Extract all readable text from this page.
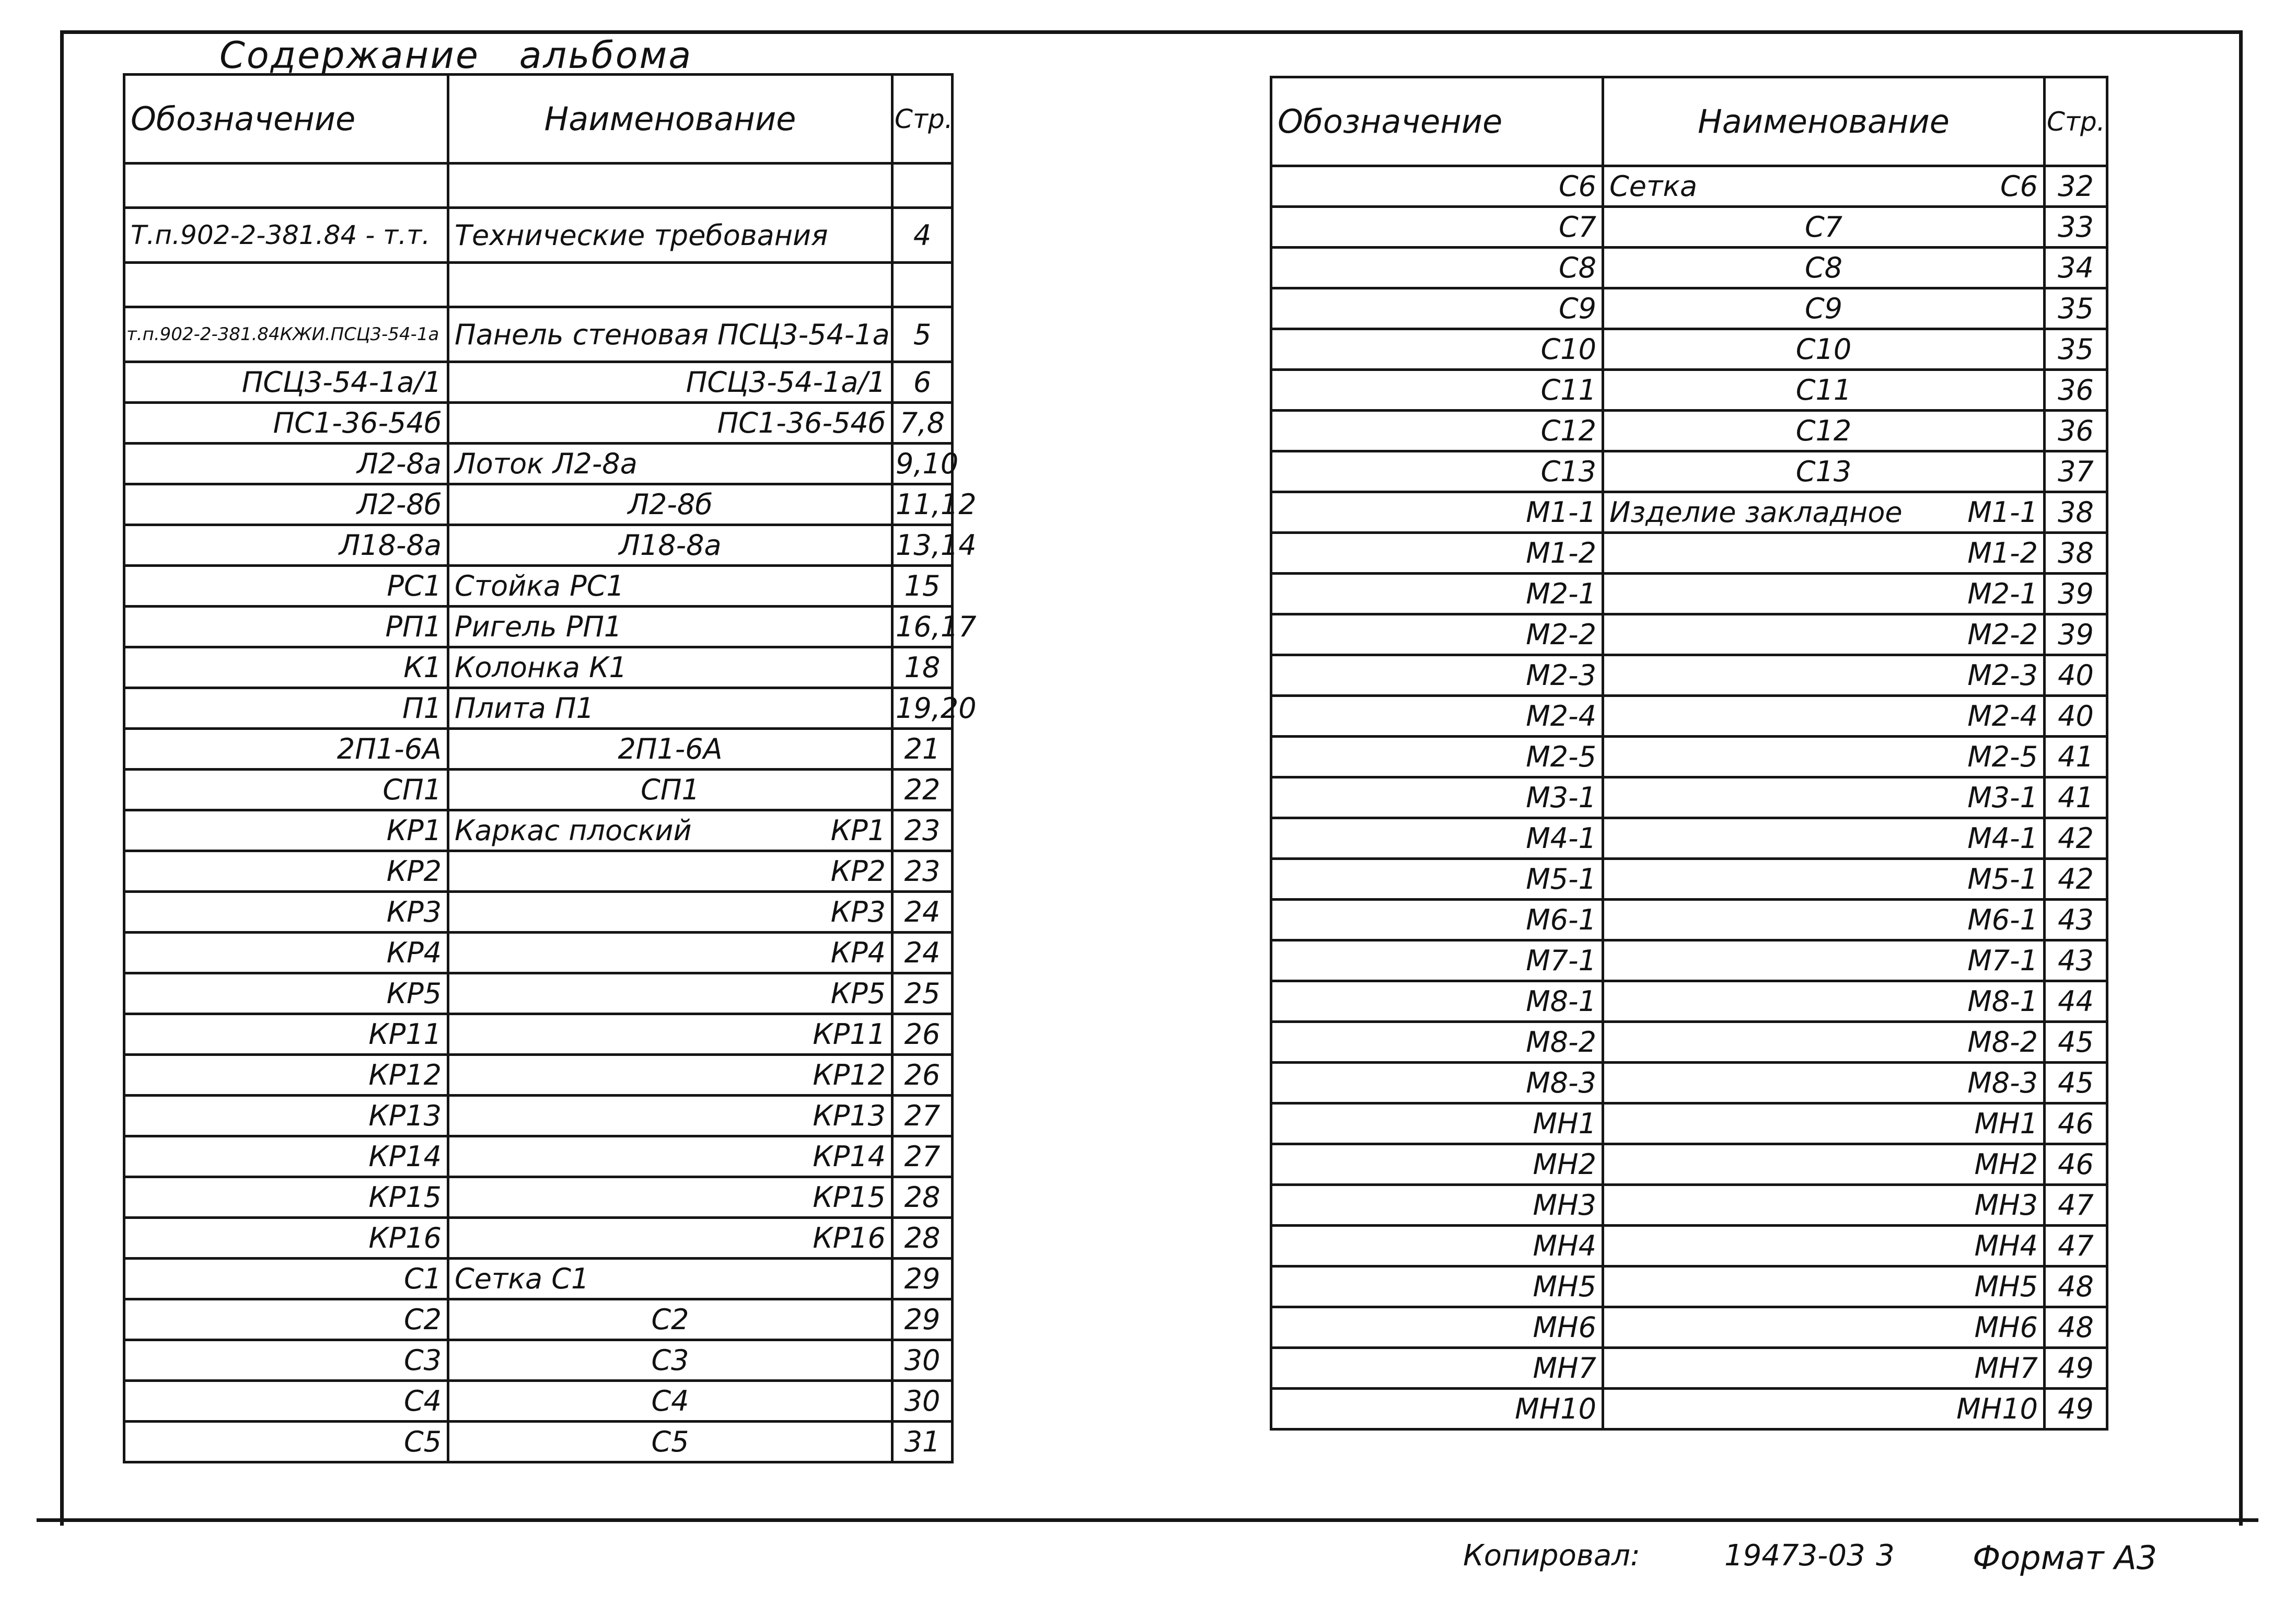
Содержание   альбома
Обозначение	Наименование	Стр.

Т.п.902-2-381.84 - т.т.	Технические требования	4

т.п.902-2-381.84КЖИ.ПСЦ3-54-1а	Панель стеновая ПСЦ3-54-1а	5
ПСЦ3-54-1а/1	ПСЦ3-54-1а/1	6
ПС1-36-54б	ПС1-36-54б	7,8
Л2-8а	Лоток Л2-8а	9,10
Л2-8б	Л2-8б	11,12
Л18-8а	Л18-8а	13,14
РС1	Стойка РС1	15
РП1	Ригель РП1	16,17
К1	Колонка К1	18
П1	Плита П1	19,20
2П1-6А	2П1-6А	21
СП1	СП1	22
КР1	Каркас плоский КР1	23
КР2	КР2	23
КР3	КР3	24
КР4	КР4	24
КР5	КР5	25
КР11	КР11	26
КР12	КР12	26
КР13	КР13	27
КР14	КР14	27
КР15	КР15	28
КР16	КР16	28
С1	Сетка С1	29
С2	С2	29
С3	С3	30
С4	С4	30
С5	С5	31
Обозначение	Наименование	Стр.
С6	Сетка С6	32
С7	С7	33
С8	С8	34
С9	С9	35
С10	С10	35
С11	С11	36
С12	С12	36
С13	С13	37
М1-1	Изделие закладное М1-1	38
М1-2	М1-2	38
М2-1	М2-1	39
М2-2	М2-2	39
М2-3	М2-3	40
М2-4	М2-4	40
М2-5	М2-5	41
М3-1	М3-1	41
М4-1	М4-1	42
М5-1	М5-1	42
М6-1	М6-1	43
М7-1	М7-1	43
М8-1	М8-1	44
М8-2	М8-2	45
М8-3	М8-3	45
МН1	МН1	46
МН2	МН2	46
МН3	МН3	47
МН4	МН4	47
МН5	МН5	48
МН6	МН6	48
МН7	МН7	49
МН10	МН10	49
Копировал:	19473-03 3 Формат А3
